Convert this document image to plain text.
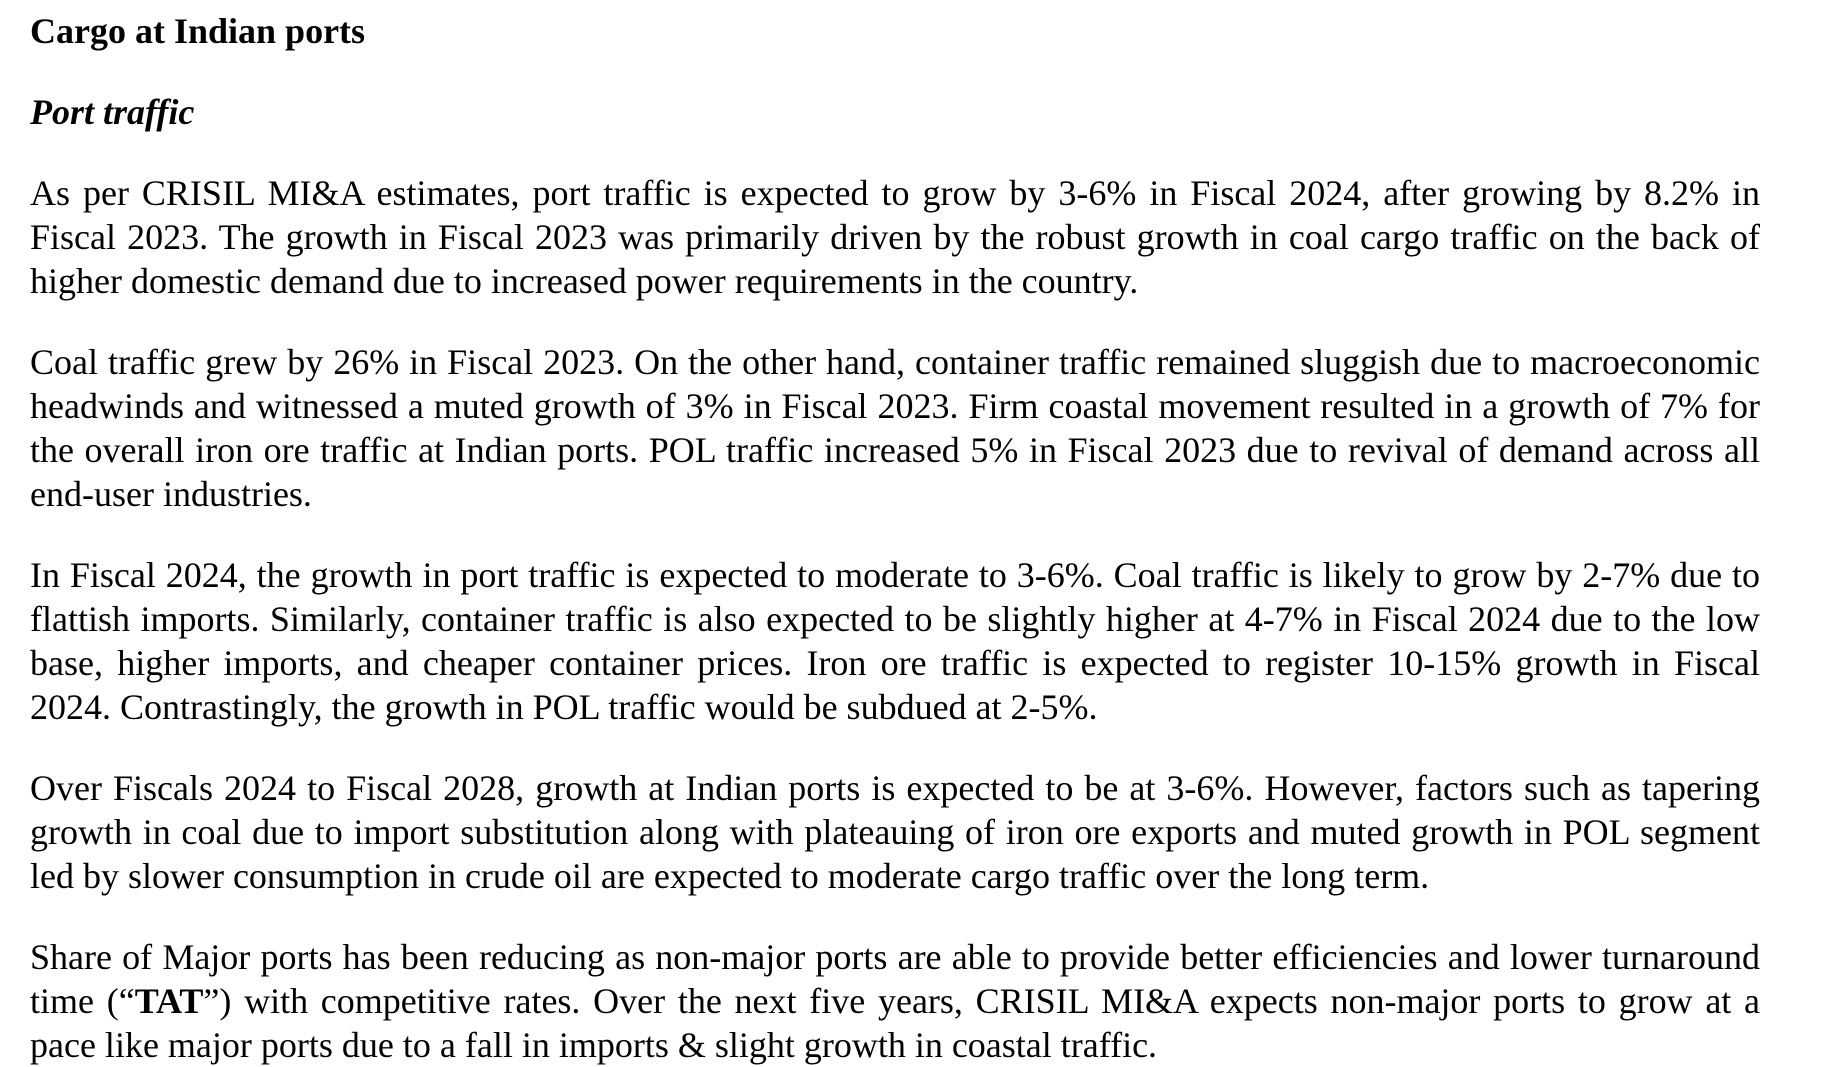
Cargo at Indian ports
Port traffic

As per CRISIL MI&A estimates, port traffic is expected to grow by 3-6% in Fiscal 2024, after growing by 8.2% in Fiscal 2023. The growth in Fiscal 2023 was primarily driven by the robust growth in coal cargo traffic on the back of higher domestic demand due to increased power requirements in the country.

Coal traffic grew by 26% in Fiscal 2023. On the other hand, container traffic remained sluggish due to macroeconomic headwinds and witnessed a muted growth of 3% in Fiscal 2023. Firm coastal movement resulted in a growth of 7% for the overall iron ore traffic at Indian ports. POL traffic increased 5% in Fiscal 2023 due to revival of demand across all end-user industries.

In Fiscal 2024, the growth in port traffic is expected to moderate to 3-6%. Coal traffic is likely to grow by 2-7% due to flattish imports. Similarly, container traffic is also expected to be slightly higher at 4-7% in Fiscal 2024 due to the low base, higher imports, and cheaper container prices. Iron ore traffic is expected to register 10-15% growth in Fiscal 2024. Contrastingly, the growth in POL traffic would be subdued at 2-5%.

Over Fiscals 2024 to Fiscal 2028, growth at Indian ports is expected to be at 3-6%. However, factors such as tapering growth in coal due to import substitution along with plateauing of iron ore exports and muted growth in POL segment led by slower consumption in crude oil are expected to moderate cargo traffic over the long term.

Share of Major ports has been reducing as non-major ports are able to provide better efficiencies and lower turnaround time (“TAT”) with competitive rates. Over the next five years, CRISIL MI&A expects non-major ports to grow at a pace like major ports due to a fall in imports & slight growth in coastal traffic.
